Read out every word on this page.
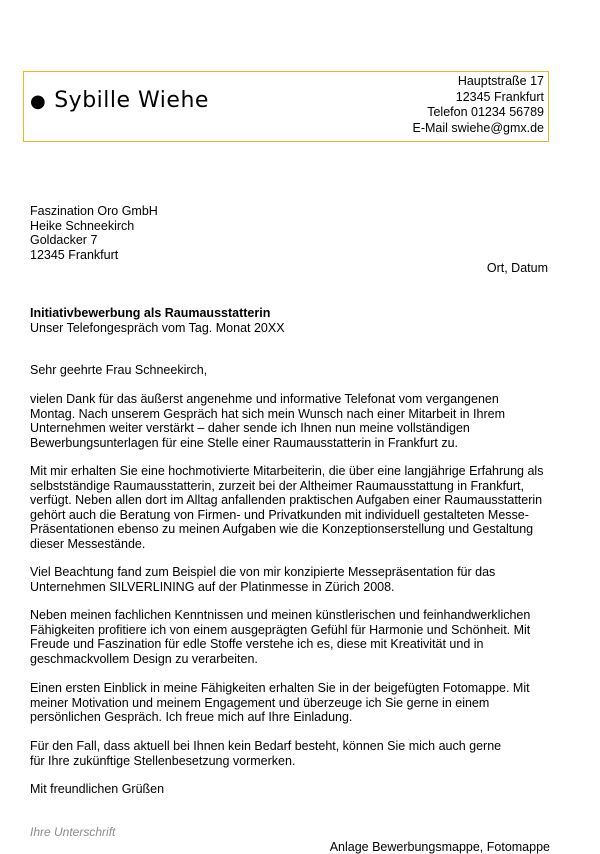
● Sybille Wiehe
Hauptstraße 17
12345 Frankfurt
Telefon 01234 56789
E-Mail swiehe@gmx.de
Faszination Oro GmbH
Heike Schneekirch
Goldacker 7
12345 Frankfurt
Ort, Datum
Initiativbewerbung als Raumausstatterin
Unser Telefongespräch vom Tag. Monat 20XX
Sehr geehrte Frau Schneekirch,
vielen Dank für das äußerst angenehme und informative Telefonat vom vergangenen
Montag. Nach unserem Gespräch hat sich mein Wunsch nach einer Mitarbeit in Ihrem
Unternehmen weiter verstärkt – daher sende ich Ihnen nun meine vollständigen
Bewerbungsunterlagen für eine Stelle einer Raumausstatterin in Frankfurt zu.
Mit mir erhalten Sie eine hochmotivierte Mitarbeiterin, die über eine langjährige Erfahrung als
selbstständige Raumausstatterin, zurzeit bei der Altheimer Raumausstattung in Frankfurt,
verfügt. Neben allen dort im Alltag anfallenden praktischen Aufgaben einer Raumausstatterin
gehört auch die Beratung von Firmen- und Privatkunden mit individuell gestalteten Messe-
Präsentationen ebenso zu meinen Aufgaben wie die Konzeptionserstellung und Gestaltung
dieser Messestände.
Viel Beachtung fand zum Beispiel die von mir konzipierte Messepräsentation für das
Unternehmen SILVERLINING auf der Platinmesse in Zürich 2008.
Neben meinen fachlichen Kenntnissen und meinen künstlerischen und feinhandwerklichen
Fähigkeiten profitiere ich von einem ausgeprägten Gefühl für Harmonie und Schönheit. Mit
Freude und Faszination für edle Stoffe verstehe ich es, diese mit Kreativität und in
geschmackvollem Design zu verarbeiten.
Einen ersten Einblick in meine Fähigkeiten erhalten Sie in der beigefügten Fotomappe. Mit
meiner Motivation und meinem Engagement und überzeuge ich Sie gerne in einem
persönlichen Gespräch. Ich freue mich auf Ihre Einladung.
Für den Fall, dass aktuell bei Ihnen kein Bedarf besteht, können Sie mich auch gerne
für Ihre zukünftige Stellenbesetzung vormerken.
Mit freundlichen Grüßen
Ihre Unterschrift
Anlage Bewerbungsmappe, Fotomappe
